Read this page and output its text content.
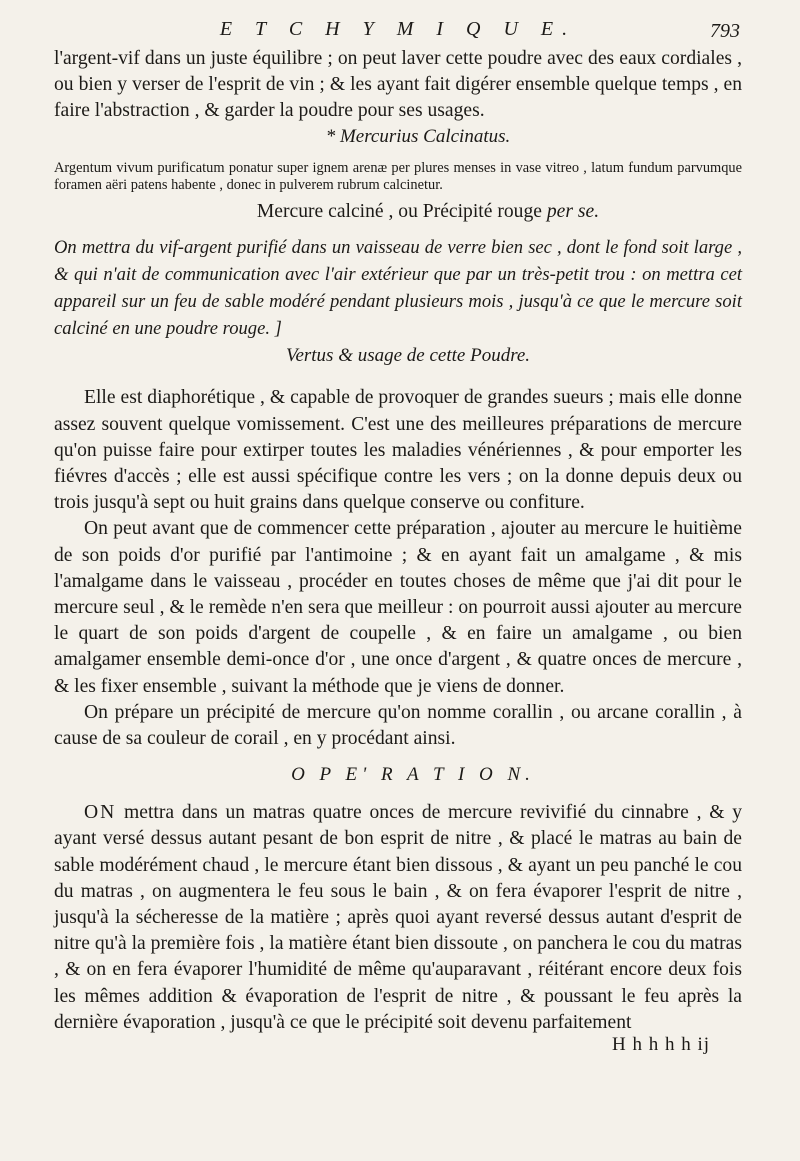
E T C H Y M I Q U E.	793

l'argent-vif dans un juste équilibre ; on peut laver cette poudre avec des eaux cordiales , ou bien y verser de l'esprit de vin ; & les ayant fait digérer ensemble quelque temps , en faire l'abstraction , & garder la poudre pour ses usages.

* Mercurius Calcinatus.

Argentum vivum purificatum ponatur super ignem arenæ per plures menses in vase vitreo , latum fundum parvumque foramen aëri patens habente , donec in pulverem rubrum calcinetur.

Mercure calciné , ou Précipité rouge per se.

On mettra du vif-argent purifié dans un vaisseau de verre bien sec , dont le fond soit large , & qui n'ait de communication avec l'air extérieur que par un très-petit trou : on mettra cet appareil sur un feu de sable modéré pendant plusieurs mois , jusqu'à ce que le mercure soit calciné en une poudre rouge. ]

Vertus & usage de cette Poudre.

Elle est diaphorétique , & capable de provoquer de grandes sueurs ; mais elle donne assez souvent quelque vomissement. C'est une des meilleures préparations de mercure qu'on puisse faire pour extirper toutes les maladies vénériennes , & pour emporter les fiévres d'accès ; elle est aussi spécifique contre les vers ; on la donne depuis deux ou trois jusqu'à sept ou huit grains dans quelque conserve ou confiture.

On peut avant que de commencer cette préparation , ajouter au mercure le huitième de son poids d'or purifié par l'antimoine ; & en ayant fait un amalgame , & mis l'amalgame dans le vaisseau , procéder en toutes choses de même que j'ai dit pour le mercure seul , & le remède n'en sera que meilleur : on pourroit aussi ajouter au mercure le quart de son poids d'argent de coupelle , & en faire un amalgame , ou bien amalgamer ensemble demi-once d'or , une once d'argent , & quatre onces de mercure , & les fixer ensemble , suivant la méthode que je viens de donner.

On prépare un précipité de mercure qu'on nomme corallin , ou arcane corallin , à cause de sa couleur de corail , en y procédant ainsi.

O P E' R A T I O N.

ON mettra dans un matras quatre onces de mercure revivifié du cinnabre , & y ayant versé dessus autant pesant de bon esprit de nitre , & placé le matras au bain de sable modérément chaud , le mercure étant bien dissous , & ayant un peu panché le cou du matras , on augmentera le feu sous le bain , & on fera évaporer l'esprit de nitre , jusqu'à la sécheresse de la matière ; après quoi ayant reversé dessus autant d'esprit de nitre qu'à la première fois , la matière étant bien dissoute , on panchera le cou du matras , & on en fera évaporer l'humidité de même qu'auparavant , réitérant encore deux fois les mêmes addition & évaporation de l'esprit de nitre , & poussant le feu après la dernière évaporation , jusqu'à ce que le précipité soit devenu parfaitement

H h h h h ij
